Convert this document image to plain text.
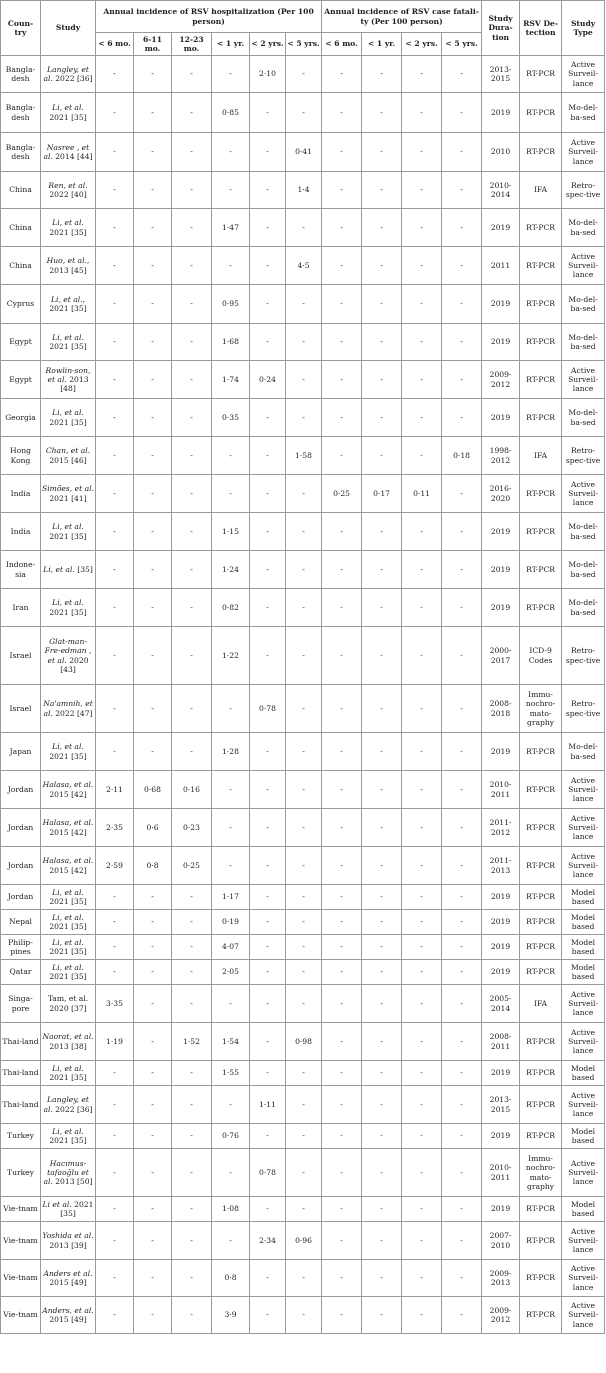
Coun-try	Study	Annual incidence of RSV hospitalization (Per 100 person)						Annual incidence of RSV case fatali-ty (Per 100 person)				Study Dura-tion	RSV De-tection	Study Type
		< 6 mo.	6-11 mo.	12-23 mo.	< 1 yr.	< 2 yrs.	< 5 yrs.	< 6 mo.	< 1 yr.	< 2 yrs.	< 5 yrs.			
Bangla-desh	Langley, et al. 2022 [36]	-	-	-	-	2·10	-	-	-	-	-	2013-2015	RT-PCR	Active Surveil-lance
Bangla-desh	Li, et al. 2021 [35]	-	-	-	0·85	-	-	-	-	-	-	2019	RT-PCR	Mo-del-ba-sed
Bangla-desh	Nasree , et al. 2014 [44]	-	-	-	-	-	0·41	-	-	-	-	2010	RT-PCR	Active Surveil-lance
China	Ren, et al. 2022 [40]	-	-	-	-	-	1·4	-	-	-	-	2010-2014	IFA	Retro-spec-tive
China	Li, et al. 2021 [35]	-	-	-	1·47	-	-	-	-	-	-	2019	RT-PCR	Mo-del-ba-sed
China	Huo, et al., 2013 [45]	-	-	-	-	-	4·5	-	-	-	-	2011	RT-PCR	Active Surveil-lance
Cyprus	Li, et al., 2021 [35]	-	-	-	0·95	-	-	-	-	-	-	2019	RT-PCR	Mo-del-ba-sed
Egypt	Li, et al. 2021 [35]	-	-	-	1·68	-	-	-	-	-	-	2019	RT-PCR	Mo-del-ba-sed
Egypt	Rowlin-son, et al. 2013 [48]	-	-	-	1·74	0·24	-	-	-	-	-	2009-2012	RT-PCR	Active Surveil-lance
Georgia	Li, et al. 2021 [35]	-	-	-	0·35	-	-	-	-	-	-	2019	RT-PCR	Mo-del-ba-sed
Hong Kong	Chan, et al. 2015 [46]	-	-	-	-	-	1·58	-	-	-	0·18	1998-2012	IFA	Retro-spec-tive
India	Simões, et al. 2021 [41]	-	-	-	-	-	-	0·25	0·17	0·11	-	2016-2020	RT-PCR	Active Surveil-lance
India	Li, et al. 2021 [35]	-	-	-	1·15	-	-	-	-	-	-	2019	RT-PCR	Mo-del-ba-sed
Indone-sia	Li, et al. [35]	-	-	-	1·24	-	-	-	-	-	-	2019	RT-PCR	Mo-del-ba-sed
Iran	Li, et al. 2021 [35]	-	-	-	0·82	-	-	-	-	-	-	2019	RT-PCR	Mo-del-ba-sed
Israel	Glat-man-Fre-edman , et al. 2020 [43]	-	-	-	1·22	-	-	-	-	-	-	2000-2017	ICD-9 Codes	Retro-spec-tive
Israel	Na'amnih, et al. 2022 [47]	-	-	-	-	0·78	-	-	-	-	-	2008-2018	Immu-nochro-mato-graphy	Retro-spec-tive
Japan	Li, et al. 2021 [35]	-	-	-	1·28	-	-	-	-	-	-	2019	RT-PCR	Mo-del-ba-sed
Jordan	Halasa, et al. 2015 [42]	2·11	0·68	0·16	-	-	-	-	-	-	-	2010-2011	RT-PCR	Active Surveil-lance
Jordan	Halasa, et al. 2015 [42]	2·35	0·6	0·23	-	-	-	-	-	-	-	2011-2012	RT-PCR	Active Surveil-lance
Jordan	Halasa, et al. 2015 [42]	2·59	0·8	0·25	-	-	-	-	-	-	-	2011-2013	RT-PCR	Active Surveil-lance
Jordan	Li, et al. 2021 [35]	-	-	-	1·17	-	-	-	-	-	-	2019	RT-PCR	Model based
Nepal	Li, et al. 2021 [35]	-	-	-	0·19	-	-	-	-	-	-	2019	RT-PCR	Model based
Philip-pines	Li, et al. 2021 [35]	-	-	-	4·07	-	-	-	-	-	-	2019	RT-PCR	Model based
Qatar	Li, et al. 2021 [35]	-	-	-	2·05	-	-	-	-	-	-	2019	RT-PCR	Model based
Singa-pore	Tam, et al. 2020 [37]	3·35	-	-	-	-	-	-	-	-	-	2005-2014	IFA	Active Surveil-lance
Thai-land	Naorat, et al. 2013 [38]	1·19	-	1·52	1·54	-	0·98	-	-	-	-	2008-2011	RT-PCR	Active Surveil-lance
Thai-land	Li, et al. 2021 [35]	-	-	-	1·55	-	-	-	-	-	-	2019	RT-PCR	Model based
Thai-land	Langley, et al. 2022 [36]	-	-	-	-	1·11	-	-	-	-	-	2013-2015	RT-PCR	Active Surveil-lance
Turkey	Li, et al. 2021 [35]	-	-	-	0·76	-	-	-	-	-	-	2019	RT-PCR	Model based
Turkey	Hacımus-tafaoğlu et al. 2013 [50]	-	-	-	-	0·78	-	-	-	-	-	2010-2011	Immu-nochro-mato-graphy	Active Surveil-lance
Vie-tnam	Li et al. 2021 [35]	-	-	-	1·08	-	-	-	-	-	-	2019	RT-PCR	Model based
Vie-tnam	Yoshida et al. 2013 [39]	-	-	-	-	2·34	0·96	-	-	-	-	2007-2010	RT-PCR	Active Surveil-lance
Vie-tnam	Anders et al. 2015 [49]	-	-	-	0·8	-	-	-	-	-	-	2009-2013	RT-PCR	Active Surveil-lance
Vie-tnam	Anders, et al. 2015 [49]	-	-	-	3·9	-	-	-	-	-	-	2009-2012	RT-PCR	Active Surveil-lance
